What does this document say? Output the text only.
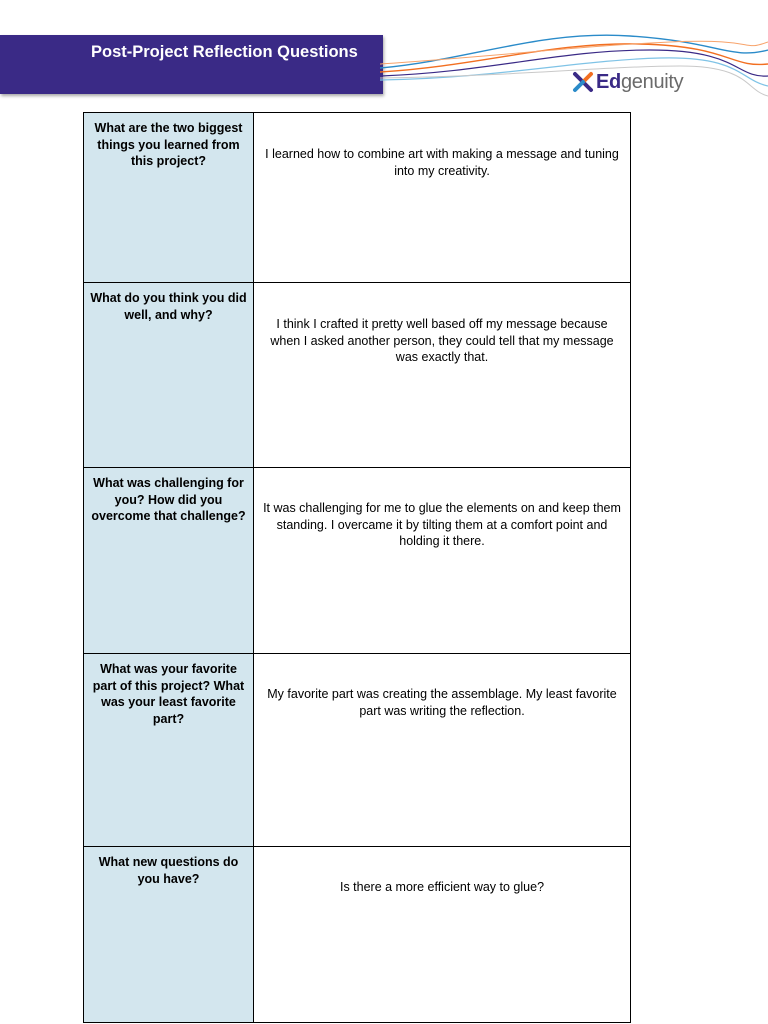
Post-Project Reflection Questions
Edgenuity
What are the two biggest things you learned from this project?	I learned how to combine art with making a message and tuning into my creativity.

What do you think you did well, and why?	I think I crafted it pretty well based off my message because when I asked another person, they could tell that my message was exactly that.

What was challenging for you? How did you overcome that challenge?	It was challenging for me to glue the elements on and keep them standing. I overcame it by tilting them at a comfort point and holding it there.

What was your favorite part of this project? What was your least favorite part?	My favorite part was creating the assemblage. My least favorite part was writing the reflection.

What new questions do you have?	Is there a more efficient way to glue?
